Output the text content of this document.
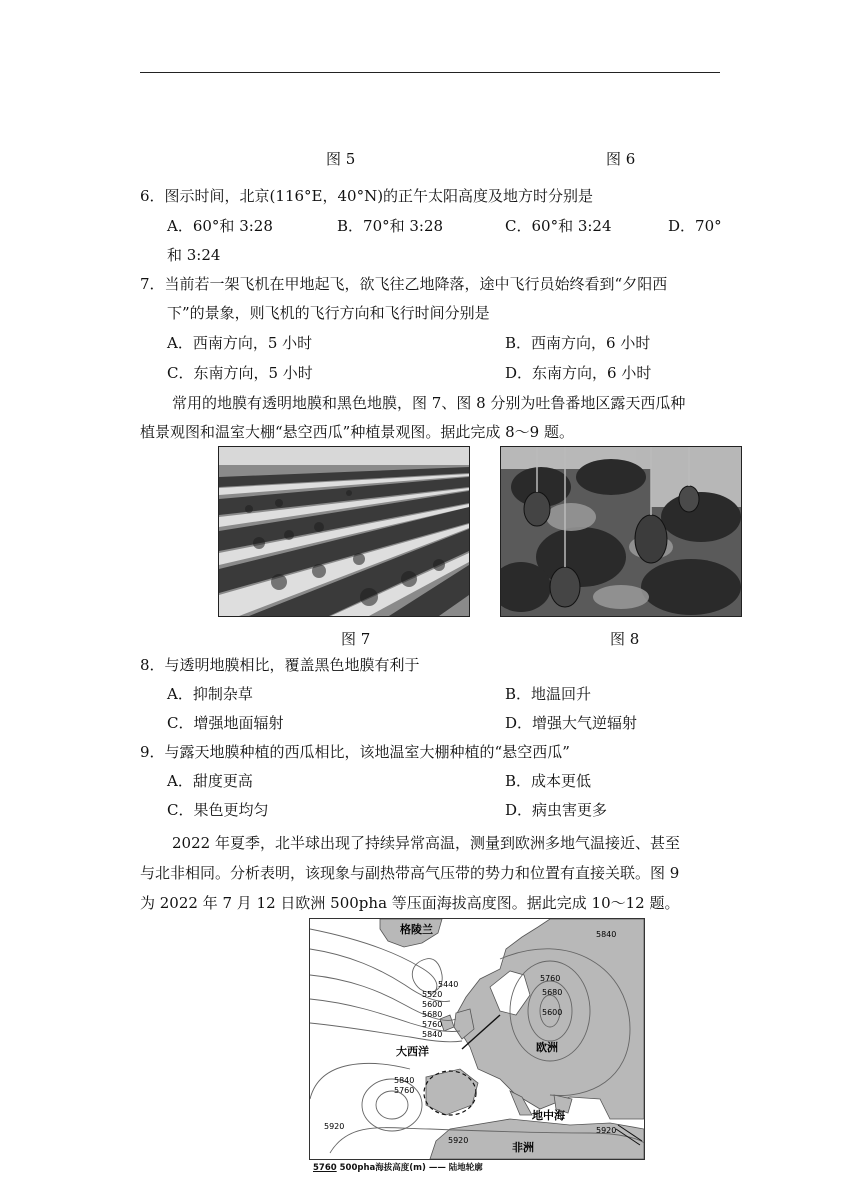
图 5	图 6
6．图示时间，北京(116°E，40°N)的正午太阳高度及地方时分别是
A．60°和 3:28	B．70°和 3:28	C．60°和 3:24	D．70°
和 3:24
7．当前若一架飞机在甲地起飞，欲飞往乙地降落，途中飞行员始终看到“夕阳西
下”的景象，则飞机的飞行方向和飞行时间分别是
A．西南方向，5 小时	B．西南方向，6 小时
C．东南方向，5 小时	D．东南方向，6 小时
常用的地膜有透明地膜和黑色地膜，图 7、图 8 分别为吐鲁番地区露天西瓜种
植景观图和温室大棚“悬空西瓜”种植景观图。据此完成 8～9 题。
图 7	图 8
8．与透明地膜相比，覆盖黑色地膜有利于
A．抑制杂草	B．地温回升
C．增强地面辐射	D．增强大气逆辐射
9．与露天地膜种植的西瓜相比，该地温室大棚种植的“悬空西瓜”
A．甜度更高	B．成本更低
C．果色更均匀	D．病虫害更多
2022 年夏季，北半球出现了持续异常高温，测量到欧洲多地气温接近、甚至
与北非相同。分析表明，该现象与副热带高气压带的势力和位置有直接关联。图 9
为 2022 年 7 月 12 日欧洲 500pha 等压面海拔高度图。据此完成 10～12 题。
格陵兰
大西洋	欧洲
地中海
非洲
5840
5760
5680
5600
5440
5520
5600
5680
5760
5840
5840
5760
5920
5920
5920
5760 500pha海拔高度(m) —— 陆地轮廓
